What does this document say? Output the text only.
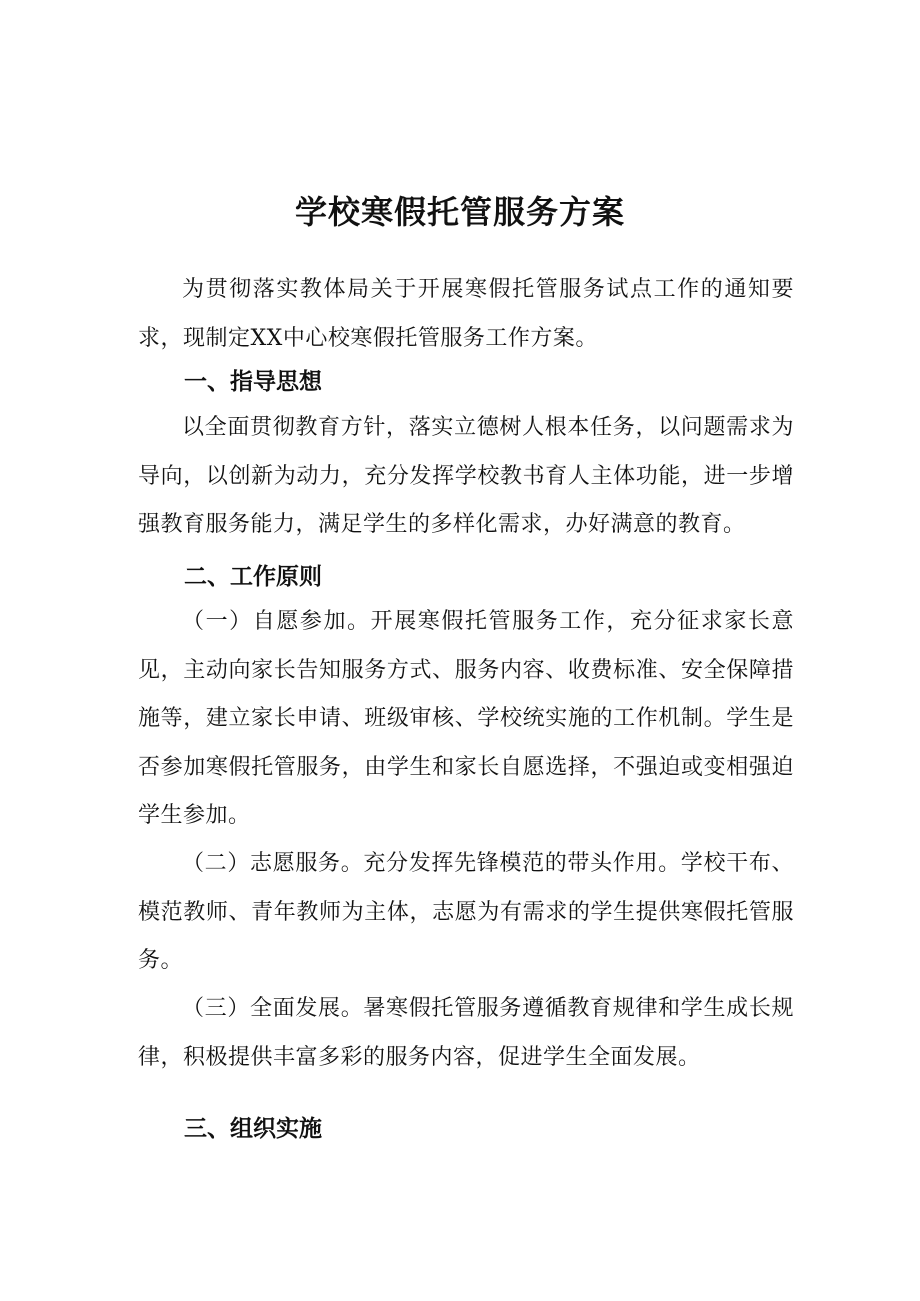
学校寒假托管服务方案

为贯彻落实教体局关于开展寒假托管服务试点工作的通知要求，现制定XX中心校寒假托管服务工作方案。

一、指导思想

以全面贯彻教育方针，落实立德树人根本任务，以问题需求为导向，以创新为动力，充分发挥学校教书育人主体功能，进一步增强教育服务能力，满足学生的多样化需求，办好满意的教育。

二、工作原则

（一）自愿参加。开展寒假托管服务工作，充分征求家长意见，主动向家长告知服务方式、服务内容、收费标准、安全保障措施等，建立家长申请、班级审核、学校统实施的工作机制。学生是否参加寒假托管服务，由学生和家长自愿选择，不强迫或变相强迫学生参加。

（二）志愿服务。充分发挥先锋模范的带头作用。学校干布、模范教师、青年教师为主体，志愿为有需求的学生提供寒假托管服务。

（三）全面发展。暑寒假托管服务遵循教育规律和学生成长规律，积极提供丰富多彩的服务内容，促进学生全面发展。

三、组织实施
